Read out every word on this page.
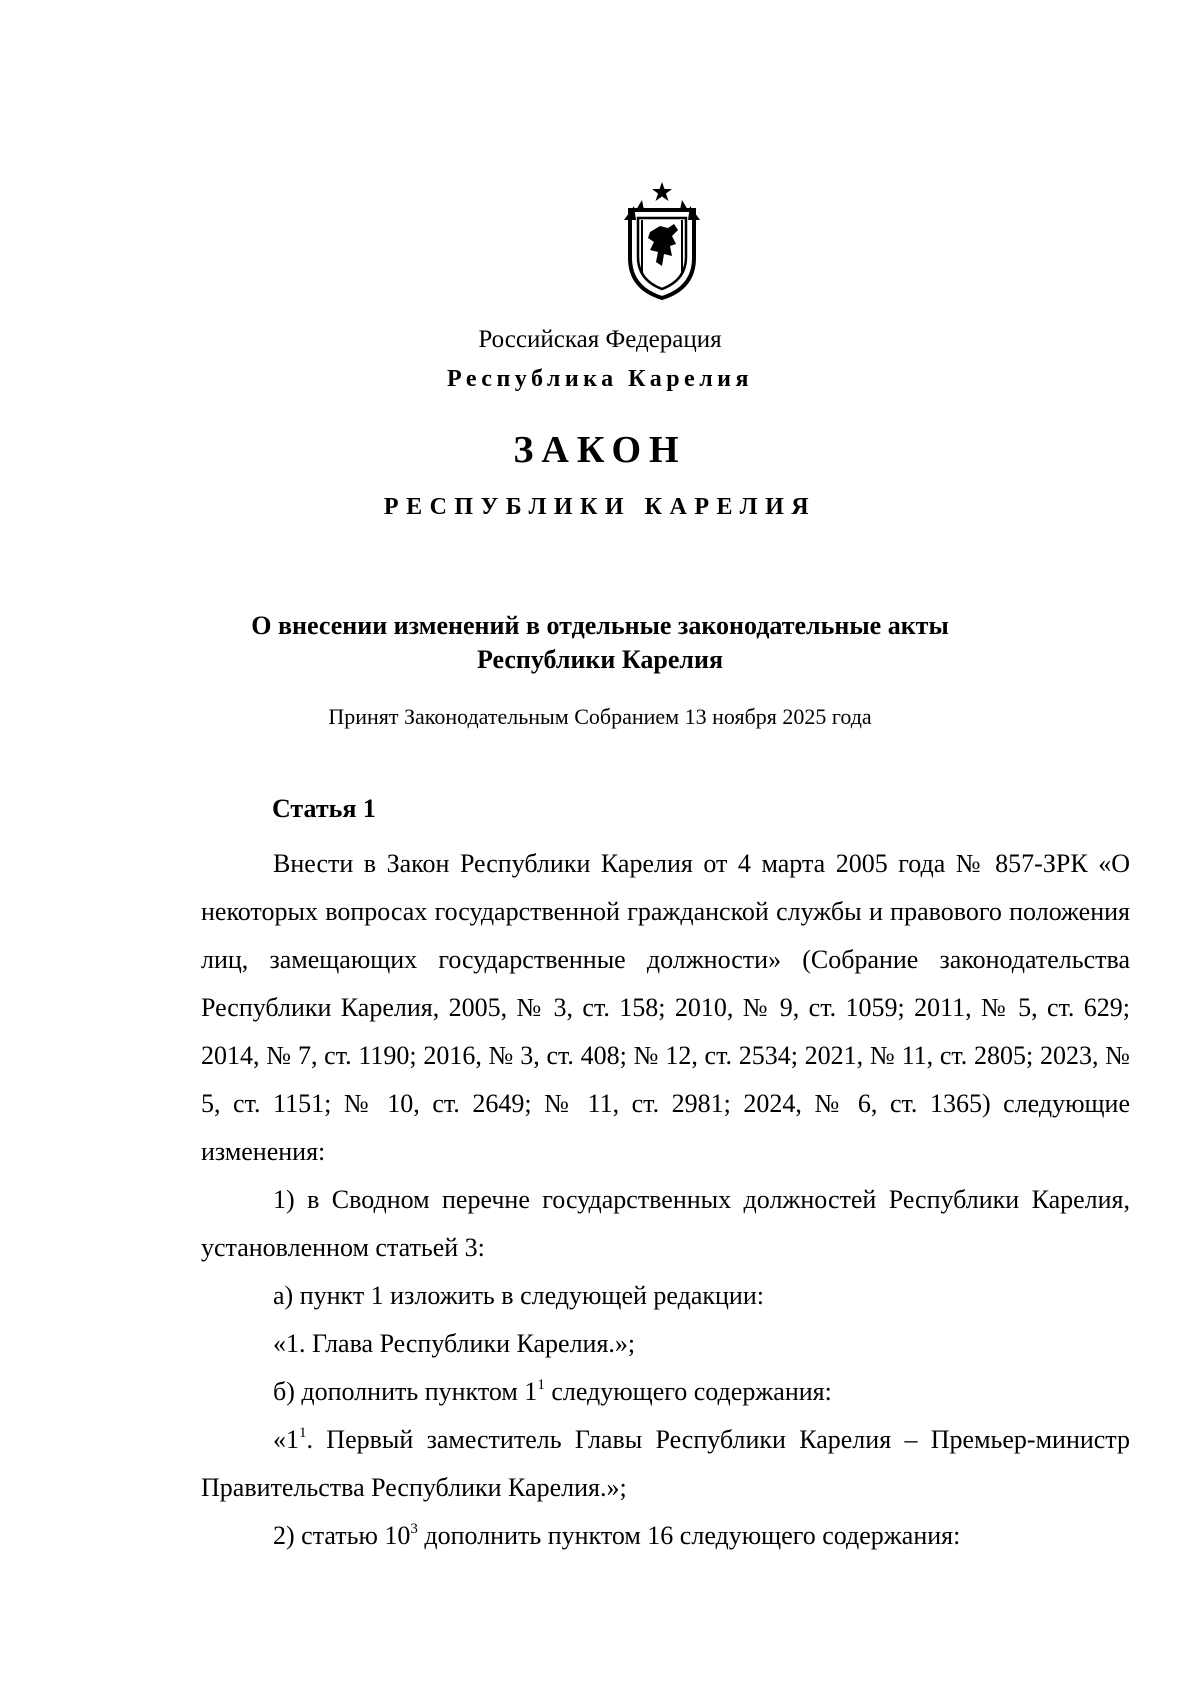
Российская Федерация
Республика Карелия
ЗАКОН
РЕСПУБЛИКИ КАРЕЛИЯ
О внесении изменений в отдельные законодательные акты
Республики Карелия
Принят Законодательным Собранием 13 ноября 2025 года
Статья 1

Внести в Закон Республики Карелия от 4 марта 2005 года № 857-ЗРК «О некоторых вопросах государственной гражданской службы и правового положения лиц, замещающих государственные должности» (Собрание законодательства Республики Карелия, 2005, № 3, ст. 158; 2010, № 9, ст. 1059; 2011, № 5, ст. 629; 2014, № 7, ст. 1190; 2016, № 3, ст. 408; № 12, ст. 2534; 2021, № 11, ст. 2805; 2023, № 5, ст. 1151; № 10, ст. 2649; № 11, ст. 2981; 2024, № 6, ст. 1365) следующие изменения:

1) в Сводном перечне государственных должностей Республики Карелия, установленном статьей 3:

а) пункт 1 изложить в следующей редакции:

«1. Глава Республики Карелия.»;

б) дополнить пунктом $1^1$ следующего содержания:

«$1^1$. Первый заместитель Главы Республики Карелия – Премьер-министр Правительства Республики Карелия.»;

2) статью $10^3$ дополнить пунктом 16 следующего содержания:
